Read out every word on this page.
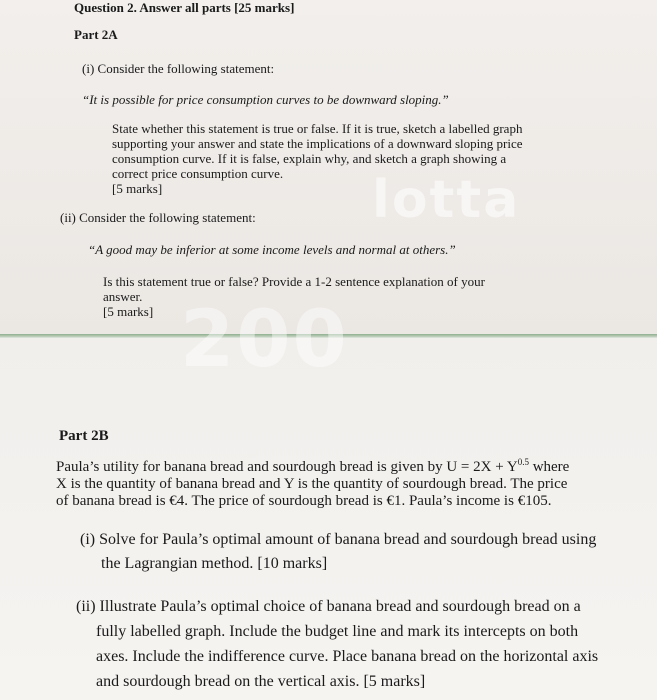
lotta
200

Question 2. Answer all parts [25 marks]

Part 2A

(i) Consider the following statement:

“It is possible for price consumption curves to be downward sloping.”

State whether this statement is true or false. If it is true, sketch a labelled graph
supporting your answer and state the implications of a downward sloping price
consumption curve. If it is false, explain why, and sketch a graph showing a
correct price consumption curve.
[5 marks]

(ii) Consider the following statement:

“A good may be inferior at some income levels and normal at others.”

Is this statement true or false? Provide a 1-2 sentence explanation of your
answer.
[5 marks]

Part 2B

Paula’s utility for banana bread and sourdough bread is given by $U = 2X + Y^{0.5}$ where
X is the quantity of banana bread and Y is the quantity of sourdough bread. The price
of banana bread is €4. The price of sourdough bread is €1. Paula’s income is €105.
(i) Solve for Paula’s optimal amount of banana bread and sourdough bread using
the Lagrangian method. [10 marks]
(ii) Illustrate Paula’s optimal choice of banana bread and sourdough bread on a
fully labelled graph. Include the budget line and mark its intercepts on both
axes. Include the indifference curve. Place banana bread on the horizontal axis
and sourdough bread on the vertical axis. [5 marks]
